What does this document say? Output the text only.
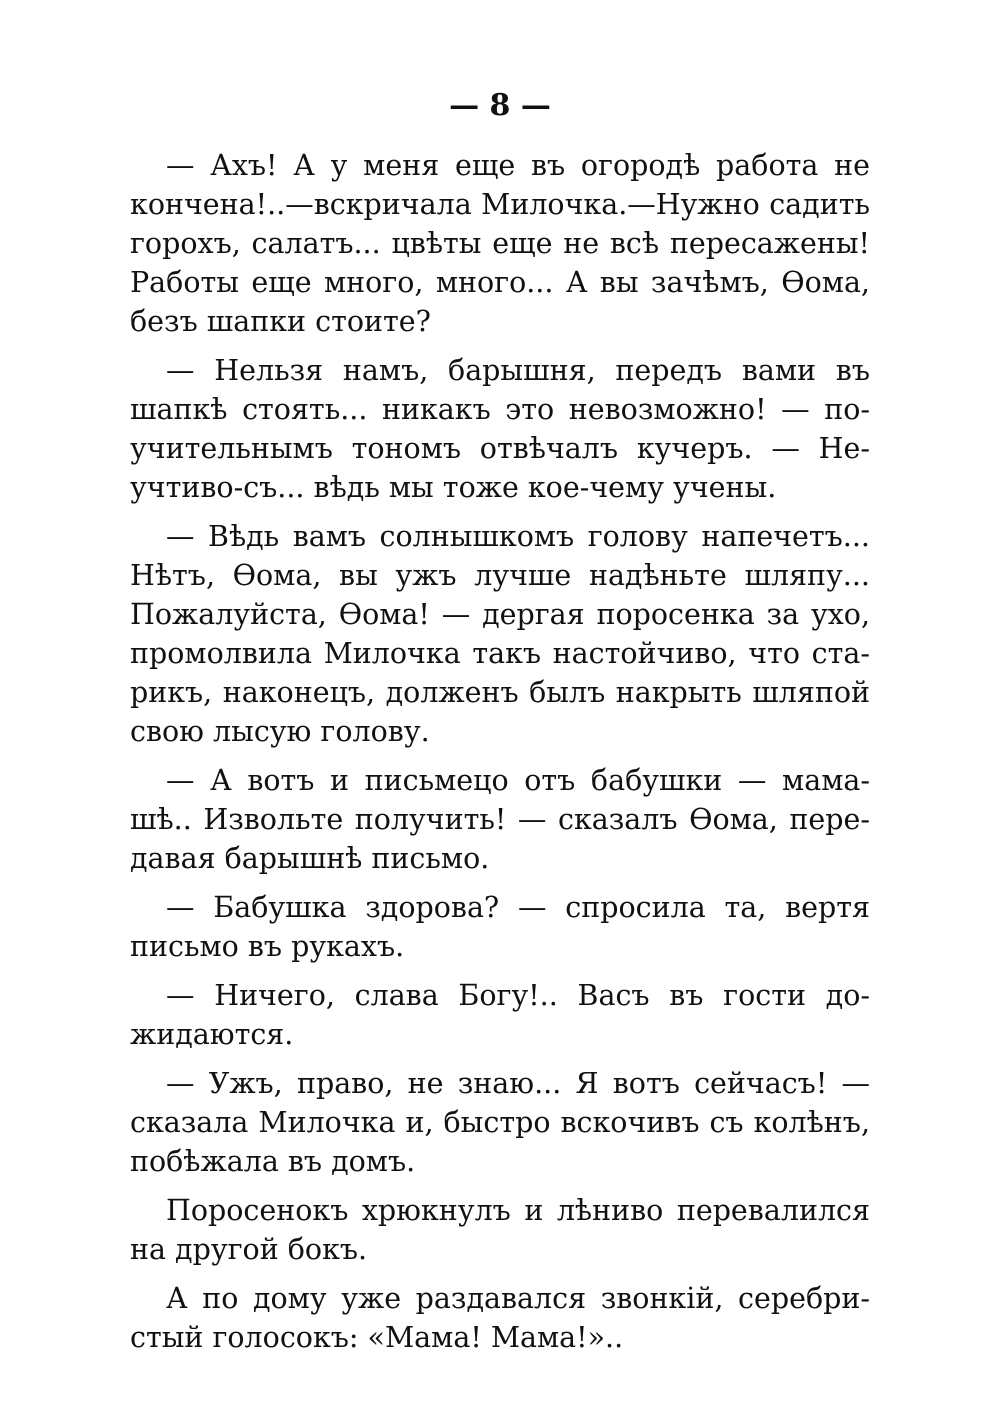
— 8 —
— Ахъ! А у меня еще въ огородѣ работа не
кончена!..—вскричала Милочка.—Нужно садить
горохъ, салатъ... цвѣты еще не всѣ пересажены!
Работы еще много, много... А вы зачѣмъ, Ѳома,
безъ шапки стоите?
— Нельзя намъ, барышня, передъ вами въ
шапкѣ стоять... никакъ это невозможно! — по-
учительнымъ тономъ отвѣчалъ кучеръ. — Не-
учтиво-съ... вѣдь мы тоже кое-чему учены.
— Вѣдь вамъ солнышкомъ голову напечетъ...
Нѣтъ, Ѳома, вы ужъ лучше надѣньте шляпу...
Пожалуйста, Ѳома! — дергая поросенка за ухо,
промолвила Милочка такъ настойчиво, что ста-
рикъ, наконецъ, долженъ былъ накрыть шляпой
свою лысую голову.
— А вотъ и письмецо отъ бабушки — мама-
шѣ.. Извольте получить! — сказалъ Ѳома, пере-
давая барышнѣ письмо.
— Бабушка здорова? — спросила та, вертя
письмо въ рукахъ.
— Ничего, слава Богу!.. Васъ въ гости до-
жидаются.
— Ужъ, право, не знаю... Я вотъ сейчасъ! —
сказала Милочка и, быстро вскочивъ съ колѣнъ,
побѣжала въ домъ.
Поросенокъ хрюкнулъ и лѣниво перевалился
на другой бокъ.
А по дому уже раздавался звонкій, серебри-
стый голосокъ: «Мама! Мама!»..
